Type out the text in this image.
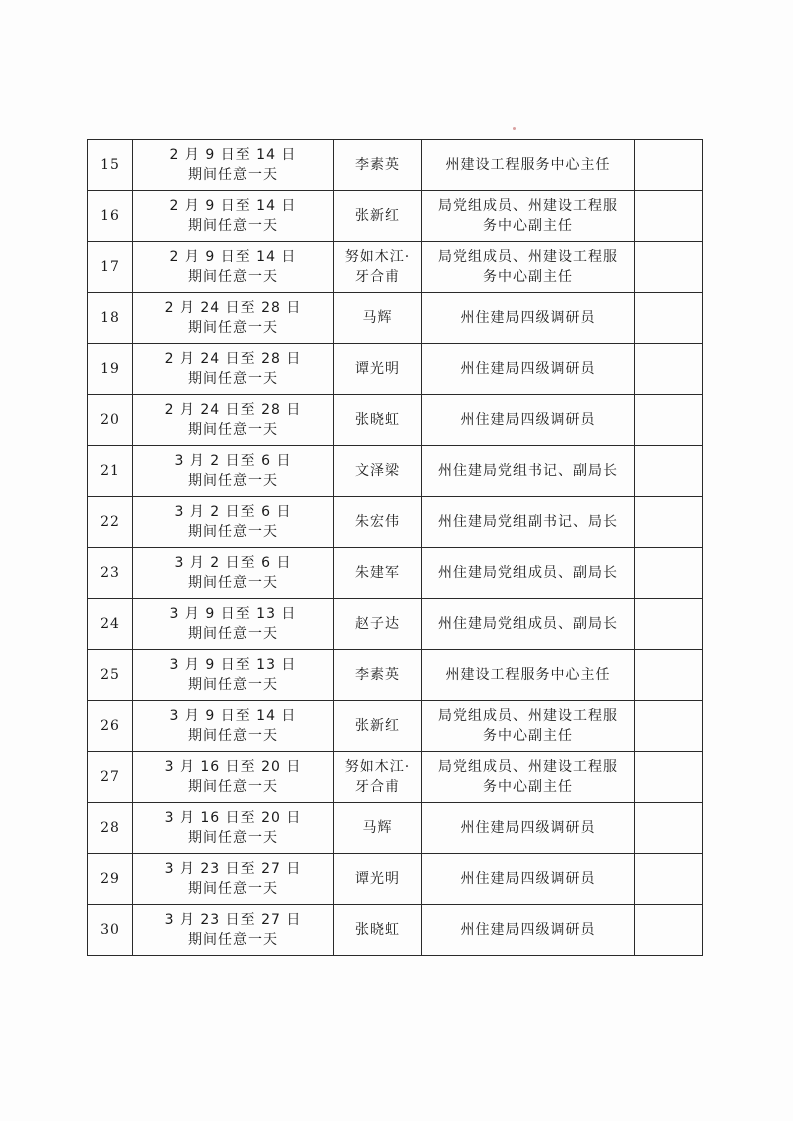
15	2 月 9 日至 14 日
期间任意一天	李素英	州建设工程服务中心主任	

16	2 月 9 日至 14 日
期间任意一天	张新红	局党组成员、州建设工程服
务中心副主任	

17	2 月 9 日至 14 日
期间任意一天	努如木江·牙合甫	局党组成员、州建设工程服
务中心副主任	

18	2 月 24 日至 28 日
期间任意一天	马辉	州住建局四级调研员	

19	2 月 24 日至 28 日
期间任意一天	谭光明	州住建局四级调研员	

20	2 月 24 日至 28 日
期间任意一天	张晓虹	州住建局四级调研员	

21	3 月 2 日至 6 日
期间任意一天	文泽梁	州住建局党组书记、副局长	

22	3 月 2 日至 6 日
期间任意一天	朱宏伟	州住建局党组副书记、局长	

23	3 月 2 日至 6 日
期间任意一天	朱建军	州住建局党组成员、副局长	

24	3 月 9 日至 13 日
期间任意一天	赵子达	州住建局党组成员、副局长	

25	3 月 9 日至 13 日
期间任意一天	李素英	州建设工程服务中心主任	

26	3 月 9 日至 14 日
期间任意一天	张新红	局党组成员、州建设工程服
务中心副主任	

27	3 月 16 日至 20 日
期间任意一天	努如木江·牙合甫	局党组成员、州建设工程服
务中心副主任	

28	3 月 16 日至 20 日
期间任意一天	马辉	州住建局四级调研员	

29	3 月 23 日至 27 日
期间任意一天	谭光明	州住建局四级调研员	

30	3 月 23 日至 27 日
期间任意一天	张晓虹	州住建局四级调研员	
